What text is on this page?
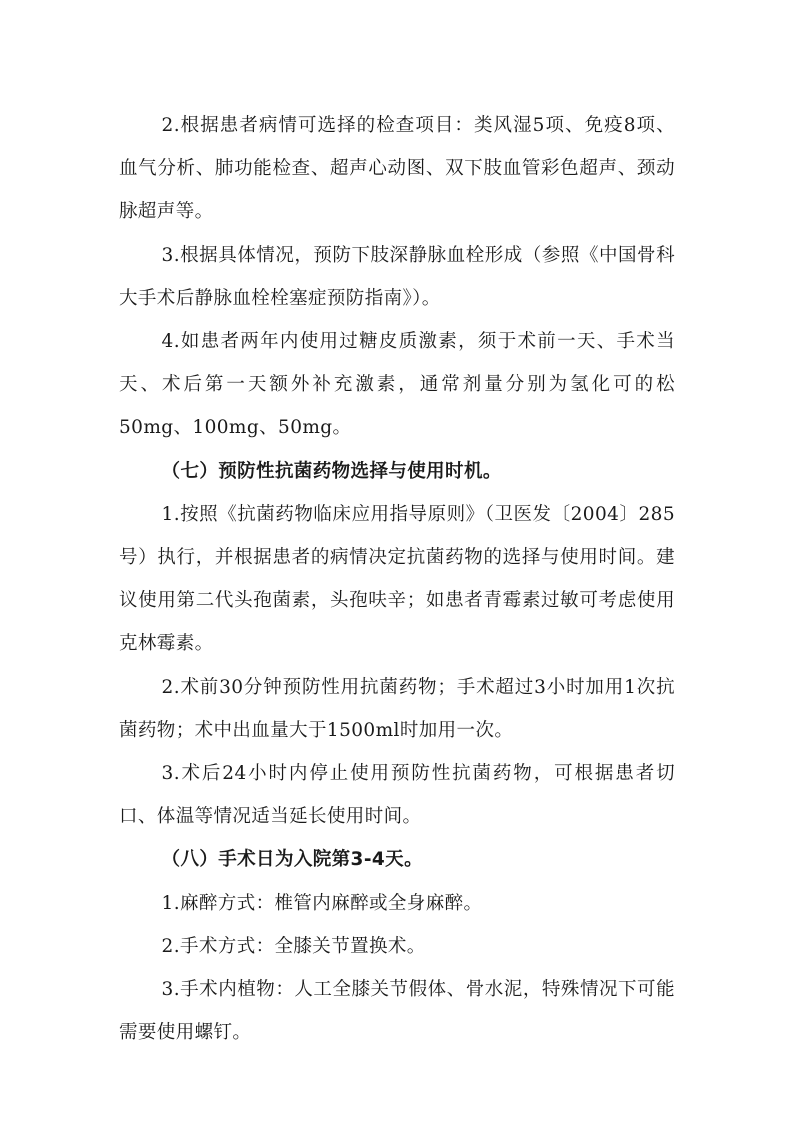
2.根据患者病情可选择的检查项目：类风湿5项、免疫8项、血气分析、肺功能检查、超声心动图、双下肢血管彩色超声、颈动脉超声等。

3.根据具体情况，预防下肢深静脉血栓形成（参照《中国骨科大手术后静脉血栓栓塞症预防指南》）。

4.如患者两年内使用过糖皮质激素，须于术前一天、手术当天、术后第一天额外补充激素，通常剂量分别为氢化可的松50mg、100mg、50mg。

（七）预防性抗菌药物选择与使用时机。

1.按照《抗菌药物临床应用指导原则》（卫医发〔2004〕285号）执行，并根据患者的病情决定抗菌药物的选择与使用时间。建议使用第二代头孢菌素，头孢呋辛；如患者青霉素过敏可考虑使用克林霉素。

2.术前30分钟预防性用抗菌药物；手术超过3小时加用1次抗菌药物；术中出血量大于1500ml时加用一次。

3.术后24小时内停止使用预防性抗菌药物，可根据患者切口、体温等情况适当延长使用时间。

（八）手术日为入院第3-4天。

1.麻醉方式：椎管内麻醉或全身麻醉。

2.手术方式：全膝关节置换术。

3.手术内植物：人工全膝关节假体、骨水泥，特殊情况下可能需要使用螺钉。
